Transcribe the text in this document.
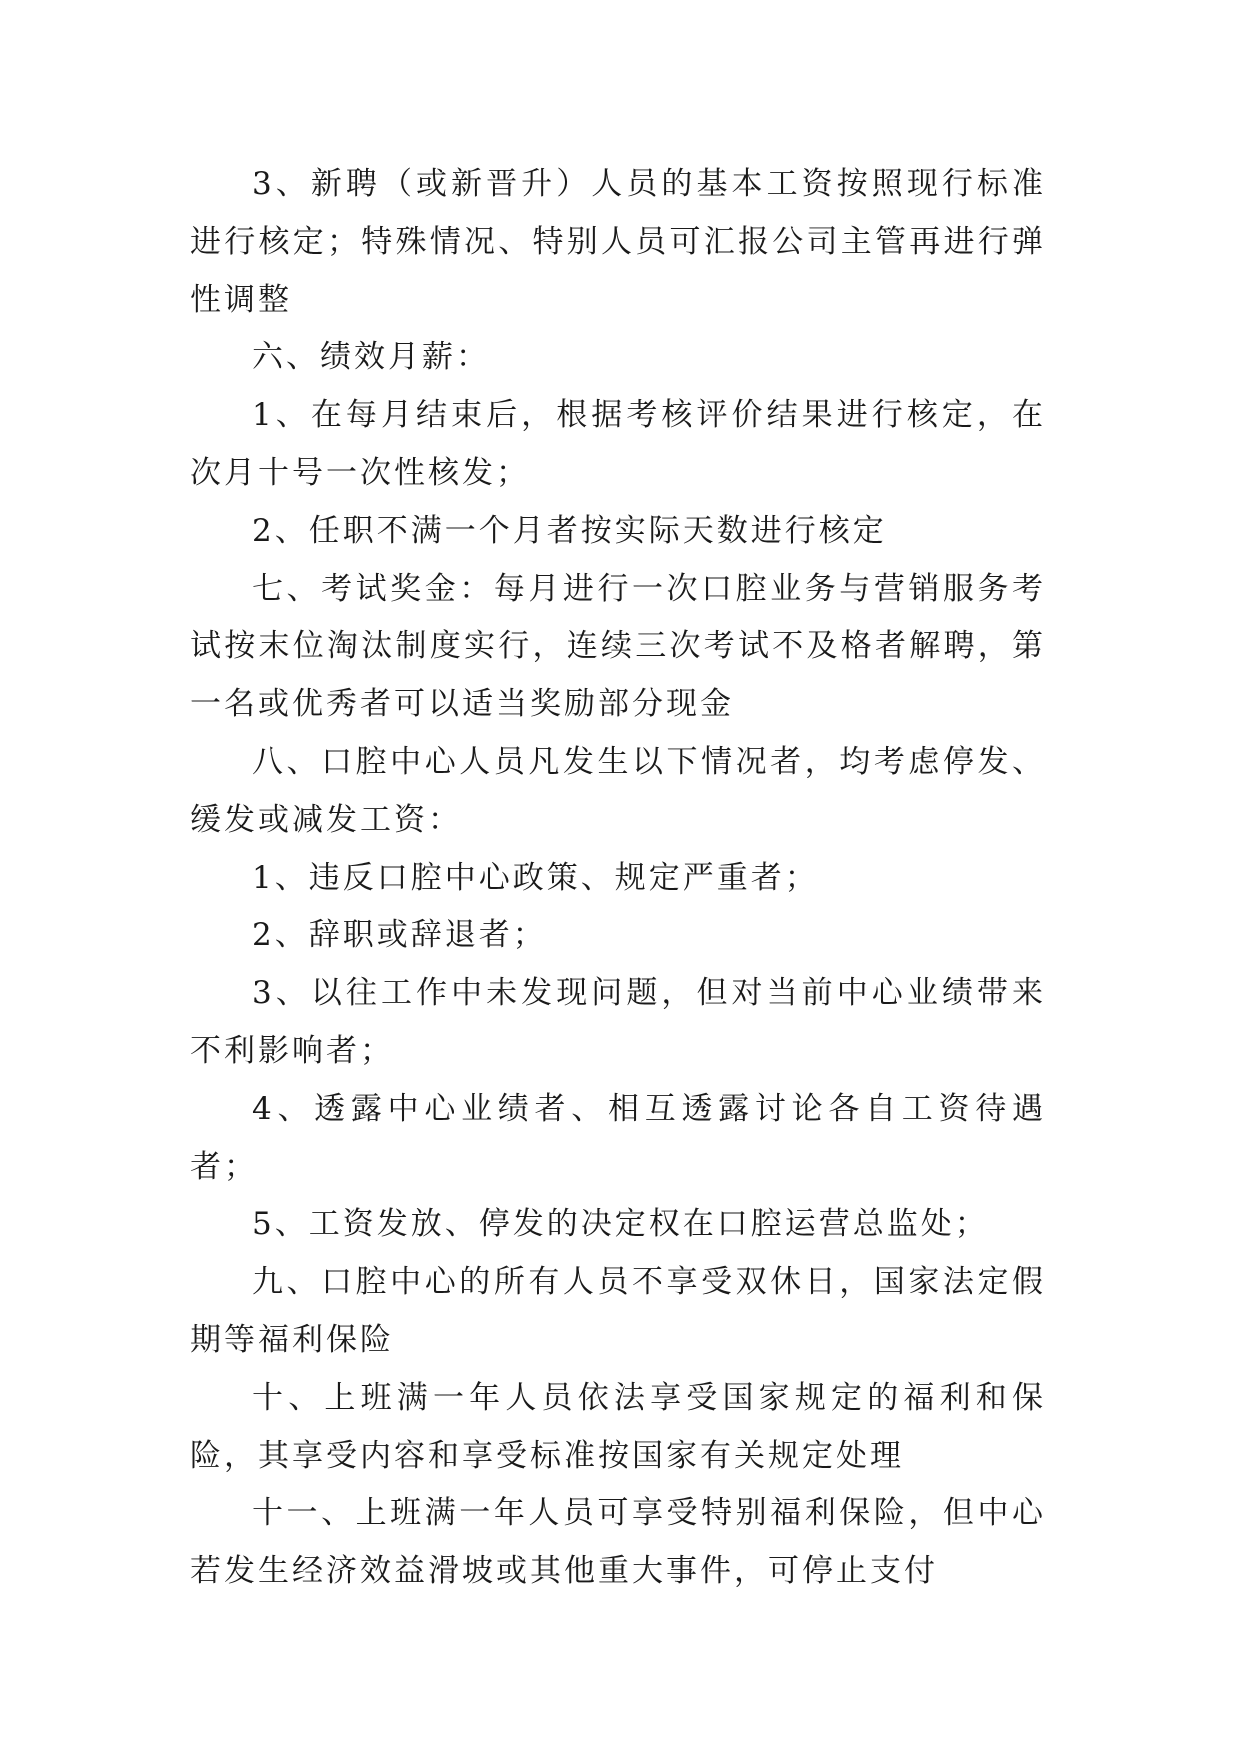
3、新聘（或新晋升）人员的基本工资按照现行标准进行核定；特殊情况、特别人员可汇报公司主管再进行弹性调整

六、绩效月薪：

1、在每月结束后，根据考核评价结果进行核定，在次月十号一次性核发；

2、任职不满一个月者按实际天数进行核定

七、考试奖金：每月进行一次口腔业务与营销服务考试按末位淘汰制度实行，连续三次考试不及格者解聘，第一名或优秀者可以适当奖励部分现金

八、口腔中心人员凡发生以下情况者，均考虑停发、缓发或减发工资：

1、违反口腔中心政策、规定严重者；

2、辞职或辞退者；

3、以往工作中未发现问题，但对当前中心业绩带来不利影响者；

4、透露中心业绩者、相互透露讨论各自工资待遇者；

5、工资发放、停发的决定权在口腔运营总监处；

九、口腔中心的所有人员不享受双休日，国家法定假期等福利保险

十、上班满一年人员依法享受国家规定的福利和保险，其享受内容和享受标准按国家有关规定处理

十一、上班满一年人员可享受特别福利保险，但中心若发生经济效益滑坡或其他重大事件，可停止支付
